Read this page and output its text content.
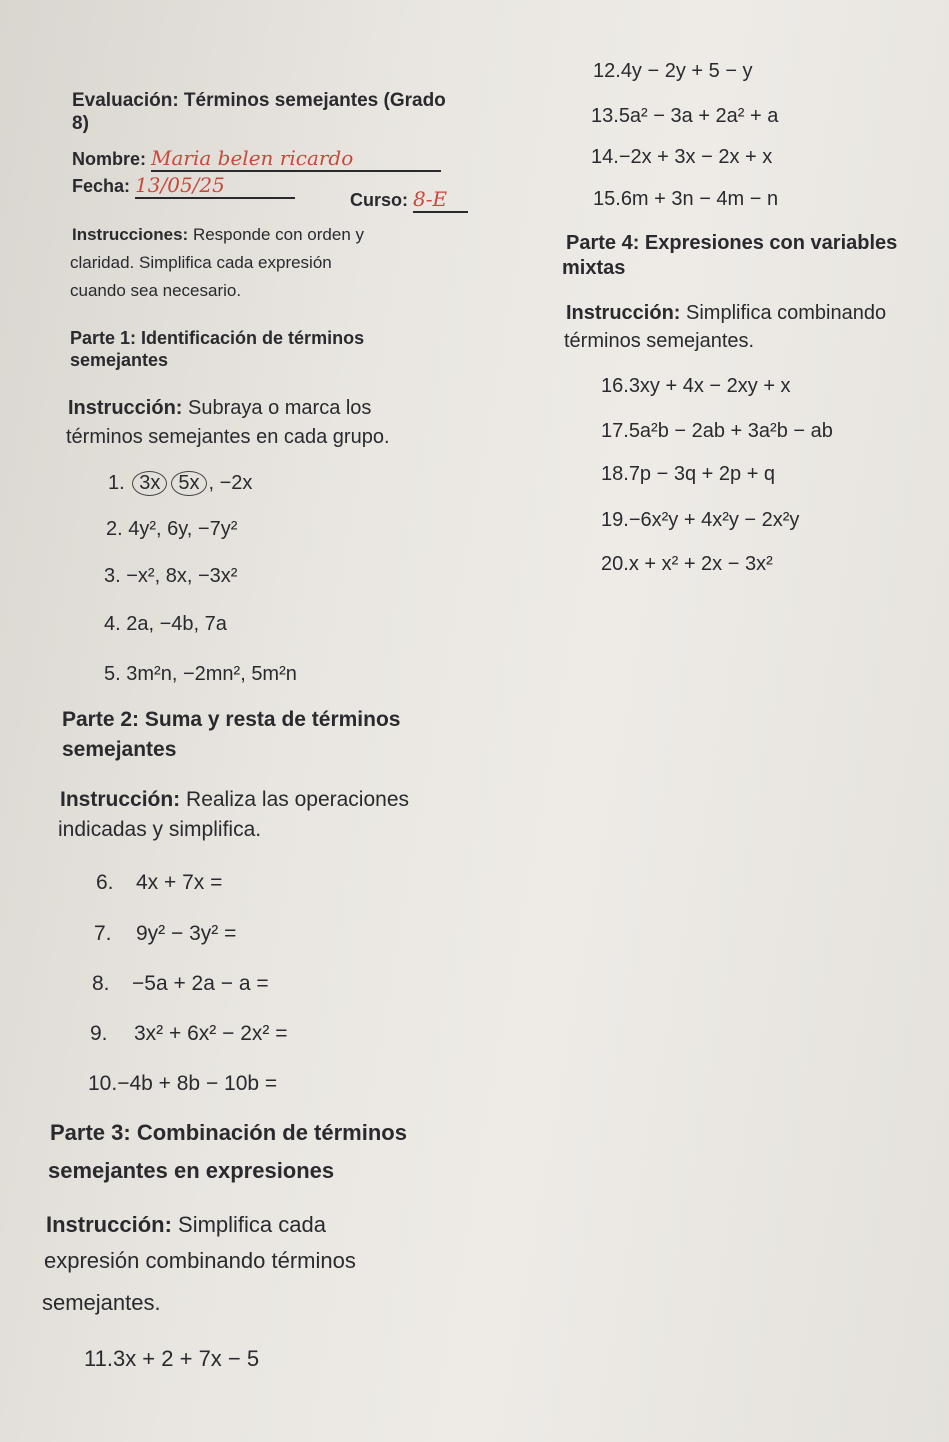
Evaluación: Términos semejantes (Grado
8)
Nombre: Maria belen ricardo
Fecha: 13/05/25
Curso: 8-E
Instrucciones: Responde con orden y
claridad. Simplifica cada expresión
cuando sea necesario.
Parte 1: Identificación de términos
semejantes
Instrucción: Subraya o marca los
términos semejantes en cada grupo.
1. 3x 5x , −2x
2. 4y², 6y, −7y²
3. −x², 8x, −3x²
4. 2a, −4b, 7a
5. 3m²n, −2mn², 5m²n
Parte 2: Suma y resta de términos
semejantes
Instrucción: Realiza las operaciones
indicadas y simplifica.
6. 4x + 7x =
7. 9y² − 3y² =
8. −5a + 2a − a =
9. 3x² + 6x² − 2x² =
10.−4b + 8b − 10b =
Parte 3: Combinación de términos
semejantes en expresiones
Instrucción: Simplifica cada
expresión combinando términos
semejantes.
11.3x + 2 + 7x − 5
12.4y − 2y + 5 − y
13.5a² − 3a + 2a² + a
14.−2x + 3x − 2x + x
15.6m + 3n − 4m − n
Parte 4: Expresiones con variables
mixtas
Instrucción: Simplifica combinando
términos semejantes.
16.3xy + 4x − 2xy + x
17.5a²b − 2ab + 3a²b − ab
18.7p − 3q + 2p + q
19.−6x²y + 4x²y − 2x²y
20.x + x² + 2x − 3x²
